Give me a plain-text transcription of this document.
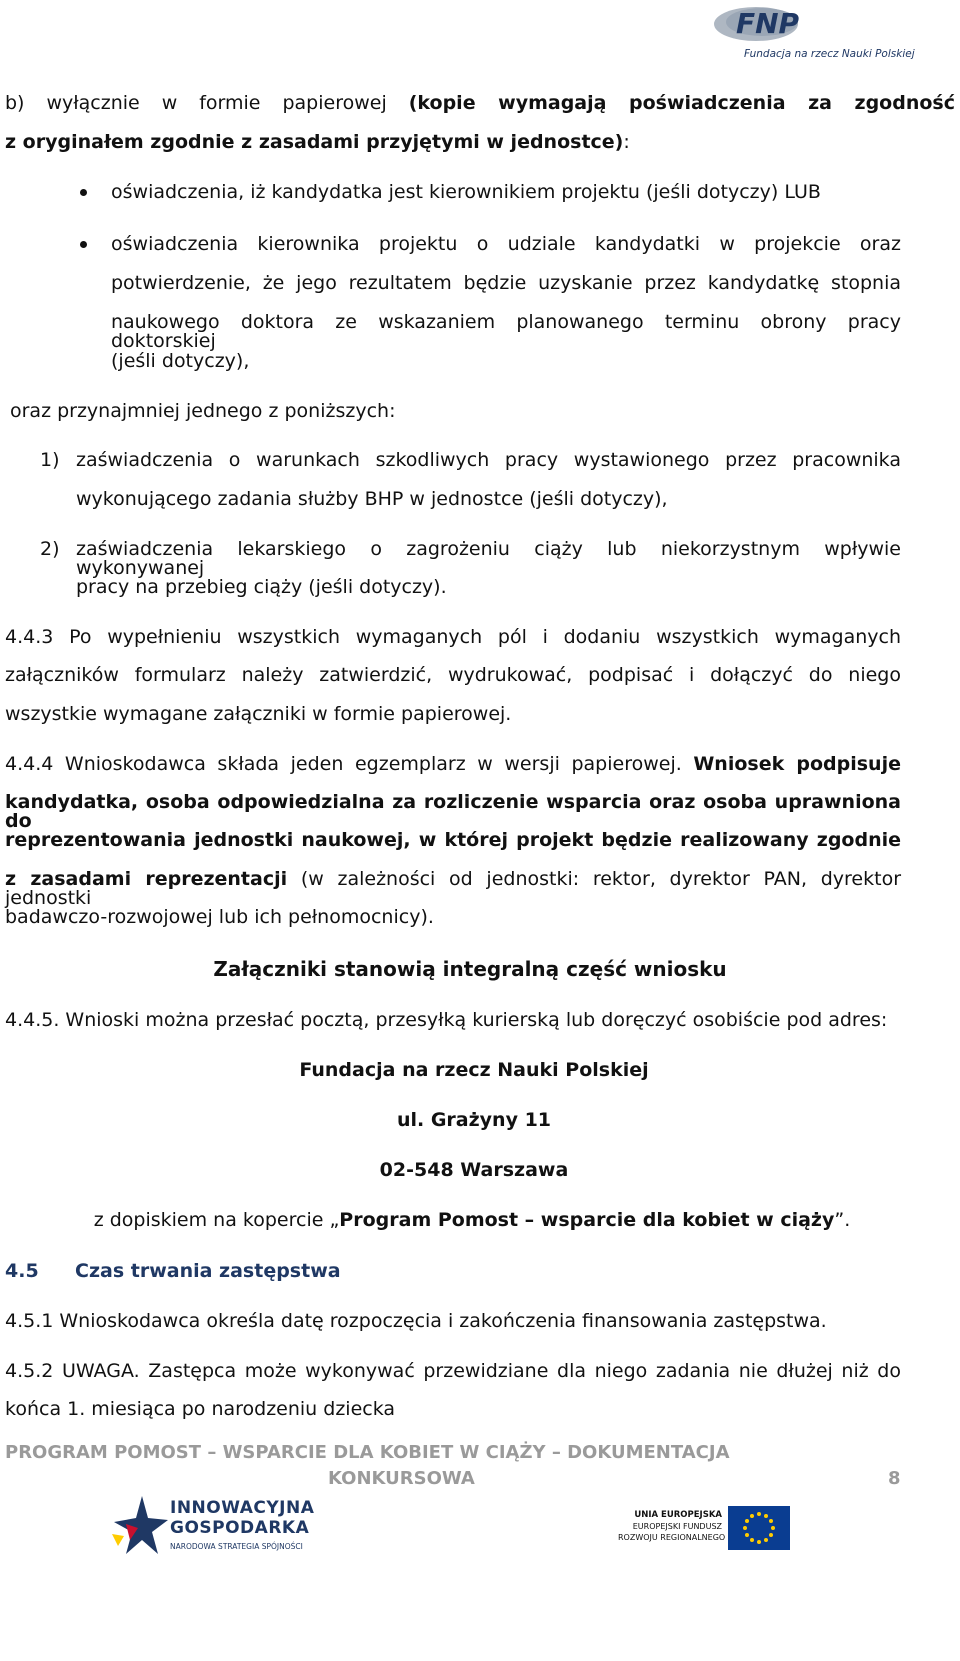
FNP
Fundacja na rzecz Nauki Polskiej
b) wyłącznie w formie papierowej (kopie wymagają poświadczenia za zgodność
z oryginałem zgodnie z zasadami przyjętymi w jednostce):
oświadczenia, iż kandydatka jest kierownikiem projektu (jeśli dotyczy) LUB
oświadczenia kierownika projektu o udziale kandydatki w projekcie oraz
potwierdzenie, że jego rezultatem będzie uzyskanie przez kandydatkę stopnia
naukowego doktora ze wskazaniem planowanego terminu obrony pracy doktorskiej
(jeśli dotyczy),
oraz przynajmniej jednego z poniższych:
1) zaświadczenia o warunkach szkodliwych pracy wystawionego przez pracownika
wykonującego zadania służby BHP w jednostce (jeśli dotyczy),
2) zaświadczenia lekarskiego o zagrożeniu ciąży lub niekorzystnym wpływie wykonywanej
pracy na przebieg ciąży (jeśli dotyczy).
4.4.3 Po wypełnieniu wszystkich wymaganych pól i dodaniu wszystkich wymaganych
załączników formularz należy zatwierdzić, wydrukować, podpisać i dołączyć do niego
wszystkie wymagane załączniki w formie papierowej.
4.4.4 Wnioskodawca składa jeden egzemplarz w wersji papierowej. Wniosek podpisuje
kandydatka, osoba odpowiedzialna za rozliczenie wsparcia oraz osoba uprawniona do
reprezentowania jednostki naukowej, w której projekt będzie realizowany zgodnie
z zasadami reprezentacji (w zależności od jednostki: rektor, dyrektor PAN, dyrektor jednostki
badawczo-rozwojowej lub ich pełnomocnicy).
Załączniki stanowią integralną część wniosku
4.4.5. Wnioski można przesłać pocztą, przesyłką kurierską lub doręczyć osobiście pod adres:
Fundacja na rzecz Nauki Polskiej
ul. Grażyny 11
02-548 Warszawa
z dopiskiem na kopercie „Program Pomost – wsparcie dla kobiet w ciąży”.
4.5	Czas trwania zastępstwa
4.5.1 Wnioskodawca określa datę rozpoczęcia i zakończenia finansowania zastępstwa.
4.5.2 UWAGA. Zastępca może wykonywać przewidziane dla niego zadania nie dłużej niż do
końca 1. miesiąca po narodzeniu dziecka
PROGRAM POMOST – WSPARCIE DLA KOBIET W CIĄŻY – DOKUMENTACJA
KONKURSOWA	8
INNOWACYJNA
GOSPODARKA
NARODOWA STRATEGIA SPÓJNOŚCI
UNIA EUROPEJSKA
EUROPEJSKI FUNDUSZ
ROZWOJU REGIONALNEGO
